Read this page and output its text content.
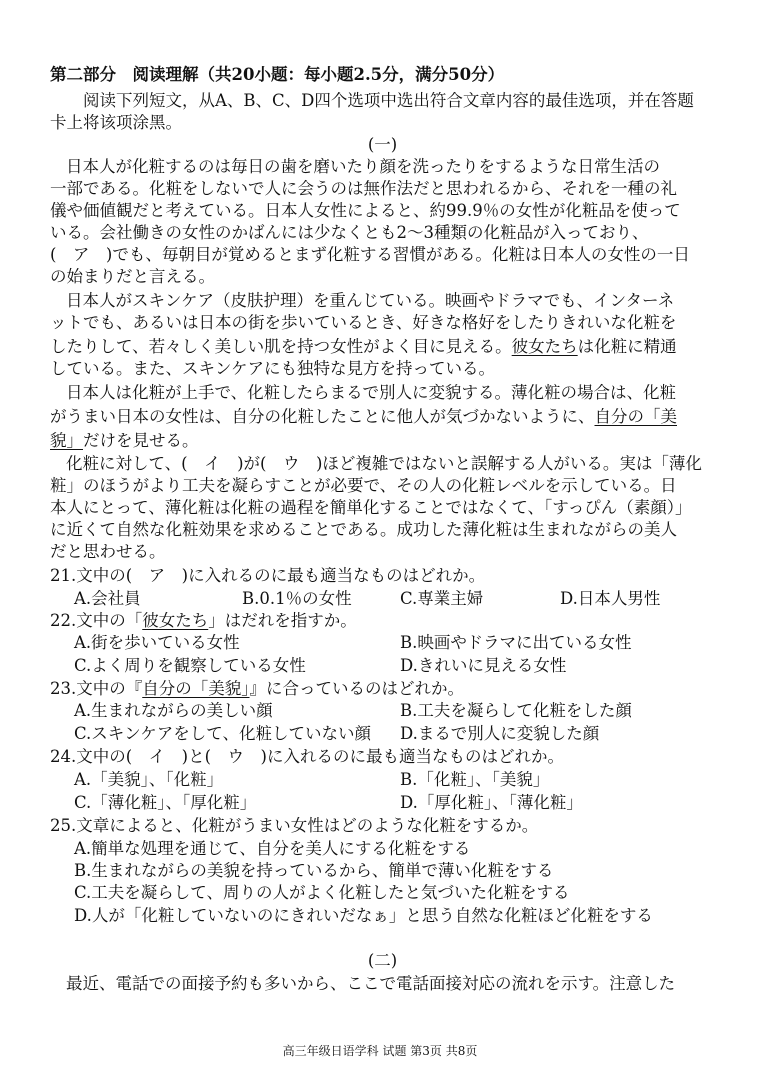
第二部分　阅读理解（共20小题：每小题2.5分，满分50分）
阅读下列短文，从A、B、C、D四个选项中选出符合文章内容的最佳选项，并在答题
卡上将该项涂黑。
(一)
日本人が化粧するのは毎日の歯を磨いたり顔を洗ったりをするような日常生活の
一部である。化粧をしないで人に会うのは無作法だと思われるから、それを一種の礼
儀や価値観だと考えている。日本人女性によると、約99.9％の女性が化粧品を使って
いる。会社働きの女性のかばんには少なくとも2～3種類の化粧品が入っており、
(　ア　)でも、毎朝目が覚めるとまず化粧する習慣がある。化粧は日本人の女性の一日
の始まりだと言える。
日本人がスキンケア（皮肤护理）を重んじている。映画やドラマでも、インターネ
ットでも、あるいは日本の街を歩いているとき、好きな格好をしたりきれいな化粧を
したりして、若々しく美しい肌を持つ女性がよく目に見える。彼女たちは化粧に精通
している。また、スキンケアにも独特な見方を持っている。
日本人は化粧が上手で、化粧したらまるで別人に変貌する。薄化粧の場合は、化粧
がうまい日本の女性は、自分の化粧したことに他人が気づかないように、自分の「美
貌」だけを見せる。
化粧に対して、(　イ　)が(　ウ　)ほど複雑ではないと誤解する人がいる。実は「薄化
粧」のほうがより工夫を凝らすことが必要で、その人の化粧レベルを示している。日
本人にとって、薄化粧は化粧の過程を簡単化することではなくて、「すっぴん（素顔）」
に近くて自然な化粧効果を求めることである。成功した薄化粧は生まれながらの美人
だと思わせる。
21.文中の(　ア　)に入れるのに最も適当なものはどれか。
A.会社員	B.0.1％の女性	C.専業主婦	D.日本人男性
22.文中の「彼女たち」はだれを指すか。
A.街を歩いている女性	B.映画やドラマに出ている女性
C.よく周りを観察している女性	D.きれいに見える女性
23.文中の『自分の「美貌」』に合っているのはどれか。
A.生まれながらの美しい顔	B.工夫を凝らして化粧をした顔
C.スキンケアをして、化粧していない顔 D.まるで別人に変貌した顔
24.文中の(　イ　)と(　ウ　)に入れるのに最も適当なものはどれか。
A.「美貌」、「化粧」	B.「化粧」、「美貌」
C.「薄化粧」、「厚化粧」	D.「厚化粧」、「薄化粧」
25.文章によると、化粧がうまい女性はどのような化粧をするか。
A.簡単な処理を通じて、自分を美人にする化粧をする
B.生まれながらの美貌を持っているから、簡単で薄い化粧をする
C.工夫を凝らして、周りの人がよく化粧したと気づいた化粧をする
D.人が「化粧していないのにきれいだなぁ」と思う自然な化粧ほど化粧をする
(二)
最近、電話での面接予約も多いから、ここで電話面接対応の流れを示す。注意した
高三年级日语学科 试题 第3页 共8页
